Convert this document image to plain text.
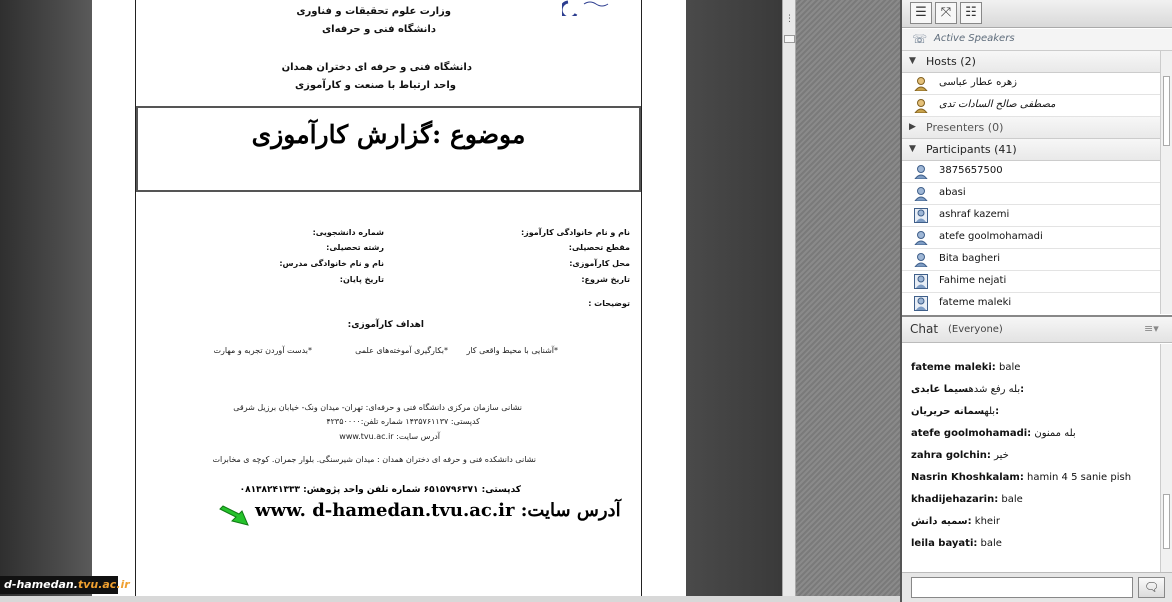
وزارت علوم تحقیقات و فناوری
دانشگاه فنی و حرفه‌ای
دانشگاه فنی و حرفه ای دختران همدان
واحد ارتباط با صنعت و کارآموزی
نام و نام خانوادگی کارآموز:
مقطع تحصیلی:
محل کارآموزی:
تاریخ شروع:
شماره دانشجویی:
رشته تحصیلی:
نام و نام خانوادگی مدرس:
تاریخ پایان:
توضیحات :
اهداف کارآموزی:
*آشنایی با محیط واقعی کار
*بکارگیری آموخته‌های علمی
*بدست آوردن تجربه و مهارت
نشانی سازمان مرکزی دانشگاه فنی و حرفه‌ای: تهران- میدان ونک- خیابان برزیل شرقی
کدپستی: ۱۴۳۵۷۶۱۱۳۷ شماره تلفن:۴۲۳۵۰۰۰۰
آدرس سایت: www.tvu.ac.ir
نشانی دانشکده فنی و حرفه ای دختران همدان : میدان شیرسنگی. بلوار جمران. کوچه ی مخابرات
کدپستی: ۶۵۱۵۷۹۶۳۷۱ شماره تلفن واحد پژوهش: ۰۸۱۳۸۲۴۱۳۳۳
موضوع :گزارش کارآموزی
آدرس سایت: www. d-hamedan.tvu.ac.ir
d-hamedan.tvu.ac.ir
⋮	☰	⤧	☷
☏ Active Speakers
▼ Hosts (2)
زهره عطار عباسی
مصطفی صالح السادات تدی
▶ Presenters (0)
▼ Participants (41)
3875657500
abasi
ashraf kazemi
atefe goolmohamadi
Bita bagheri
Fahime nejati
fateme maleki
Chat (Everyone)	≡▾
fateme maleki: bale
بله رفع شدهسیما عابدی:
بلهسمانه حریریان:
atefe goolmohamadi: بله ممنون
zahra golchin: خیر
Nasrin Khoshkalam: hamin 4 5 sanie pish
khadijehazarin: bale
سمیه دانش: kheir
leila bayati: bale
🗨
